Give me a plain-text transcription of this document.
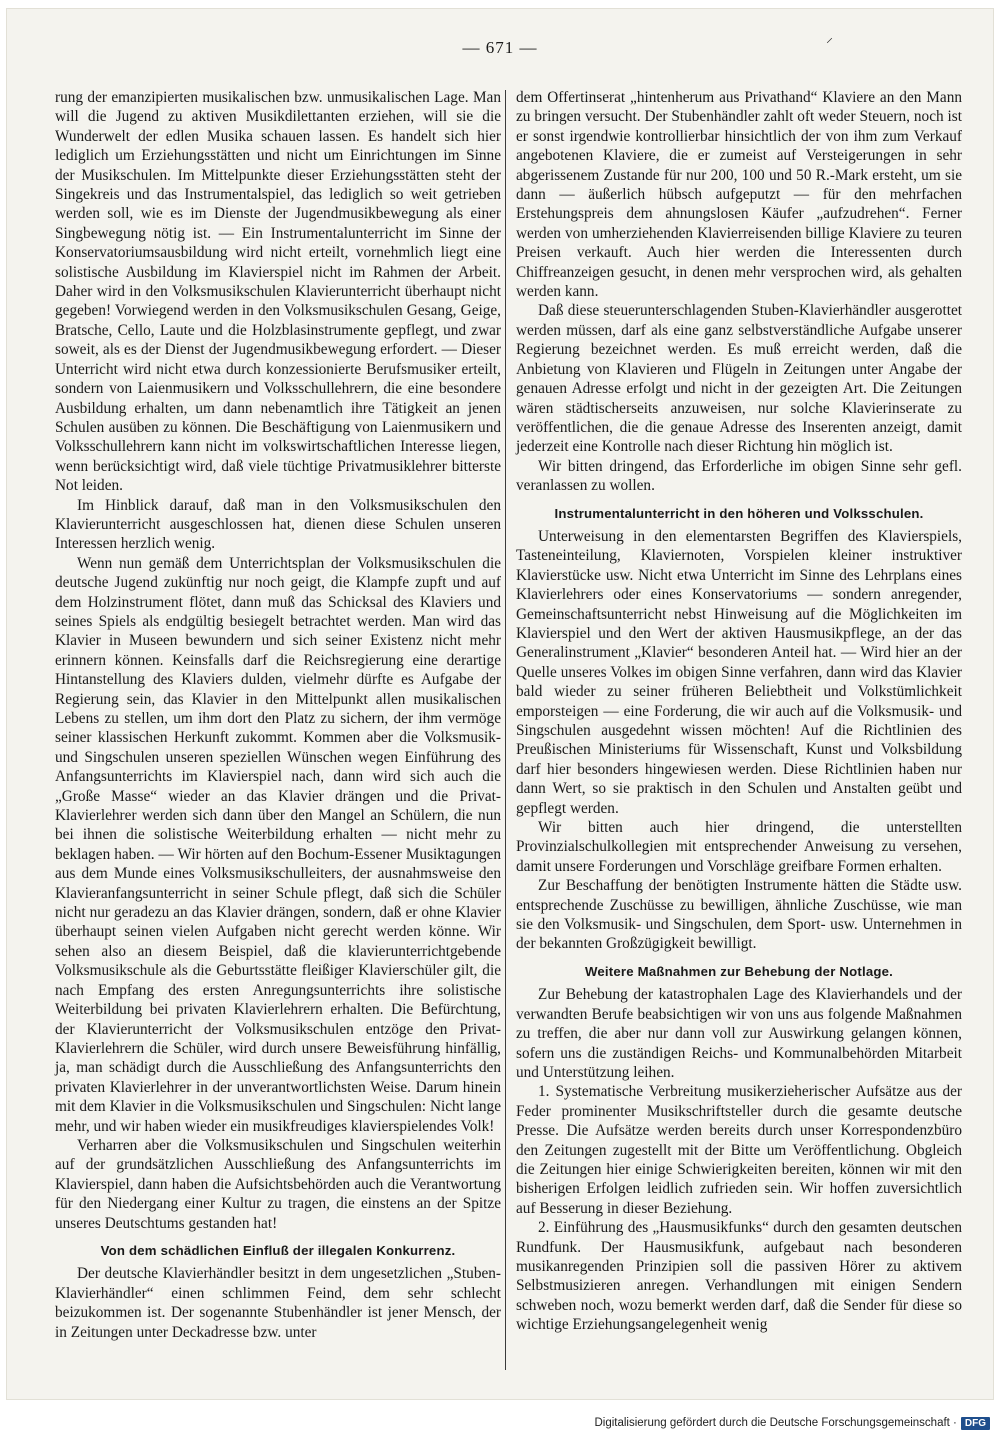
⸝
— 671 —

rung der emanzipierten musikalischen bzw. unmusikalischen Lage. Man will die Jugend zu aktiven Musikdilettanten erziehen, will sie die Wunderwelt der edlen Musika schauen lassen. Es handelt sich hier lediglich um Erziehungsstätten und nicht um Einrichtungen im Sinne der Musikschulen. Im Mittelpunkte dieser Erziehungsstätten steht der Singekreis und das Instrumentalspiel, das lediglich so weit getrieben werden soll, wie es im Dienste der Jugendmusikbewegung als einer Singbewegung nötig ist. — Ein Instrumentalunterricht im Sinne der Konservatoriumsausbildung wird nicht erteilt, vornehmlich liegt eine solistische Ausbildung im Klavierspiel nicht im Rahmen der Arbeit. Daher wird in den Volksmusikschulen Klavierunterricht überhaupt nicht gegeben! Vorwiegend werden in den Volksmusikschulen Gesang, Geige, Bratsche, Cello, Laute und die Holzblasinstrumente gepflegt, und zwar soweit, als es der Dienst der Jugendmusikbewegung erfordert. — Dieser Unterricht wird nicht etwa durch konzessionierte Berufsmusiker erteilt, sondern von Laienmusikern und Volksschullehrern, die eine besondere Ausbildung erhalten, um dann nebenamtlich ihre Tätigkeit an jenen Schulen ausüben zu können. Die Beschäftigung von Laienmusikern und Volksschullehrern kann nicht im volkswirtschaftlichen Interesse liegen, wenn berücksichtigt wird, daß viele tüchtige Privatmusiklehrer bitterste Not leiden.

Im Hinblick darauf, daß man in den Volksmusikschulen den Klavierunterricht ausgeschlossen hat, dienen diese Schulen unseren Interessen herzlich wenig.

Wenn nun gemäß dem Unterrichtsplan der Volksmusikschulen die deutsche Jugend zukünftig nur noch geigt, die Klampfe zupft und auf dem Holzinstrument flötet, dann muß das Schicksal des Klaviers und seines Spiels als endgültig besiegelt betrachtet werden. Man wird das Klavier in Museen bewundern und sich seiner Existenz nicht mehr erinnern können. Keinsfalls darf die Reichsregierung eine derartige Hintanstellung des Klaviers dulden, vielmehr dürfte es Aufgabe der Regierung sein, das Klavier in den Mittelpunkt allen musikalischen Lebens zu stellen, um ihm dort den Platz zu sichern, der ihm vermöge seiner klassischen Herkunft zukommt. Kommen aber die Volksmusik- und Singschulen unseren speziellen Wünschen wegen Einführung des Anfangsunterrichts im Klavierspiel nach, dann wird sich auch die „Große Masse“ wieder an das Klavier drängen und die Privat-Klavierlehrer werden sich dann über den Mangel an Schülern, die nun bei ihnen die solistische Weiterbildung erhalten — nicht mehr zu beklagen haben. — Wir hörten auf den Bochum-Essener Musiktagungen aus dem Munde eines Volksmusikschulleiters, der ausnahmsweise den Klavieranfangsunterricht in seiner Schule pflegt, daß sich die Schüler nicht nur geradezu an das Klavier drängen, sondern, daß er ohne Klavier überhaupt seinen vielen Aufgaben nicht gerecht werden könne. Wir sehen also an diesem Beispiel, daß die klavierunterrichtgebende Volksmusikschule als die Geburtsstätte fleißiger Klavierschüler gilt, die nach Empfang des ersten Anregungsunterrichts ihre solistische Weiterbildung bei privaten Klavierlehrern erhalten. Die Befürchtung, der Klavierunterricht der Volksmusikschulen entzöge den Privat-Klavierlehrern die Schüler, wird durch unsere Beweisführung hinfällig, ja, man schädigt durch die Ausschließung des Anfangsunterrichts den privaten Klavierlehrer in der unverantwortlichsten Weise. Darum hinein mit dem Klavier in die Volksmusikschulen und Singschulen: Nicht lange mehr, und wir haben wieder ein musikfreudiges klavierspielendes Volk!

Verharren aber die Volksmusikschulen und Singschulen weiterhin auf der grundsätzlichen Ausschließung des Anfangsunterrichts im Klavierspiel, dann haben die Aufsichtsbehörden auch die Verantwortung für den Niedergang einer Kultur zu tragen, die einstens an der Spitze unseres Deutschtums gestanden hat!

Von dem schädlichen Einfluß der illegalen Konkurrenz.

Der deutsche Klavierhändler besitzt in dem ungesetzlichen „Stuben-Klavierhändler“ einen schlimmen Feind, dem sehr schlecht beizukommen ist. Der sogenannte Stubenhändler ist jener Mensch, der in Zeitungen unter Deckadresse bzw. unter

dem Offertinserat „hintenherum aus Privathand“ Klaviere an den Mann zu bringen versucht. Der Stubenhändler zahlt oft weder Steuern, noch ist er sonst irgendwie kontrollierbar hinsichtlich der von ihm zum Verkauf angebotenen Klaviere, die er zumeist auf Versteigerungen in sehr abgerissenem Zustande für nur 200, 100 und 50 R.-Mark ersteht, um sie dann — äußerlich hübsch aufgeputzt — für den mehrfachen Erstehungspreis dem ahnungslosen Käufer „aufzudrehen“. Ferner werden von umherziehenden Klavierreisenden billige Klaviere zu teuren Preisen verkauft. Auch hier werden die Interessenten durch Chiffreanzeigen gesucht, in denen mehr versprochen wird, als gehalten werden kann.

Daß diese steuerunterschlagenden Stuben-Klavierhändler ausgerottet werden müssen, darf als eine ganz selbstverständliche Aufgabe unserer Regierung bezeichnet werden. Es muß erreicht werden, daß die Anbietung von Klavieren und Flügeln in Zeitungen unter Angabe der genauen Adresse erfolgt und nicht in der gezeigten Art. Die Zeitungen wären städtischerseits anzuweisen, nur solche Klavierinserate zu veröffentlichen, die die genaue Adresse des Inserenten anzeigt, damit jederzeit eine Kontrolle nach dieser Richtung hin möglich ist.

Wir bitten dringend, das Erforderliche im obigen Sinne sehr gefl. veranlassen zu wollen.

Instrumentalunterricht in den höheren und Volksschulen.

Unterweisung in den elementarsten Begriffen des Klavierspiels, Tasteneinteilung, Klaviernoten, Vorspielen kleiner instruktiver Klavierstücke usw. Nicht etwa Unterricht im Sinne des Lehrplans eines Klavierlehrers oder eines Konservatoriums — sondern anregender, Gemeinschaftsunterricht nebst Hinweisung auf die Möglichkeiten im Klavierspiel und den Wert der aktiven Hausmusikpflege, an der das Generalinstrument „Klavier“ besonderen Anteil hat. — Wird hier an der Quelle unseres Volkes im obigen Sinne verfahren, dann wird das Klavier bald wieder zu seiner früheren Beliebtheit und Volkstümlichkeit emporsteigen — eine Forderung, die wir auch auf die Volksmusik- und Singschulen ausgedehnt wissen möchten! Auf die Richtlinien des Preußischen Ministeriums für Wissenschaft, Kunst und Volksbildung darf hier besonders hingewiesen werden. Diese Richtlinien haben nur dann Wert, so sie praktisch in den Schulen und Anstalten geübt und gepflegt werden.

Wir bitten auch hier dringend, die unterstellten Provinzialschulkollegien mit entsprechender Anweisung zu versehen, damit unsere Forderungen und Vorschläge greifbare Formen erhalten.

Zur Beschaffung der benötigten Instrumente hätten die Städte usw. entsprechende Zuschüsse zu bewilligen, ähnliche Zuschüsse, wie man sie den Volksmusik- und Singschulen, dem Sport- usw. Unternehmen in der bekannten Großzügigkeit bewilligt.

Weitere Maßnahmen zur Behebung der Notlage.

Zur Behebung der katastrophalen Lage des Klavierhandels und der verwandten Berufe beabsichtigen wir von uns aus folgende Maßnahmen zu treffen, die aber nur dann voll zur Auswirkung gelangen können, sofern uns die zuständigen Reichs- und Kommunalbehörden Mitarbeit und Unterstützung leihen.

1. Systematische Verbreitung musikerzieherischer Aufsätze aus der Feder prominenter Musikschriftsteller durch die gesamte deutsche Presse. Die Aufsätze werden bereits durch unser Korrespondenzbüro den Zeitungen zugestellt mit der Bitte um Veröffentlichung. Obgleich die Zeitungen hier einige Schwierigkeiten bereiten, können wir mit den bisherigen Erfolgen leidlich zufrieden sein. Wir hoffen zuversichtlich auf Besserung in dieser Beziehung.

2. Einführung des „Hausmusikfunks“ durch den gesamten deutschen Rundfunk. Der Hausmusikfunk, aufgebaut nach besonderen musikanregenden Prinzipien soll die passiven Hörer zu aktivem Selbstmusizieren anregen. Verhandlungen mit einigen Sendern schweben noch, wozu bemerkt werden darf, daß die Sender für diese so wichtige Erziehungsangelegenheit wenig

Digitalisierung gefördert durch die Deutsche Forschungsgemeinschaft · DFG
